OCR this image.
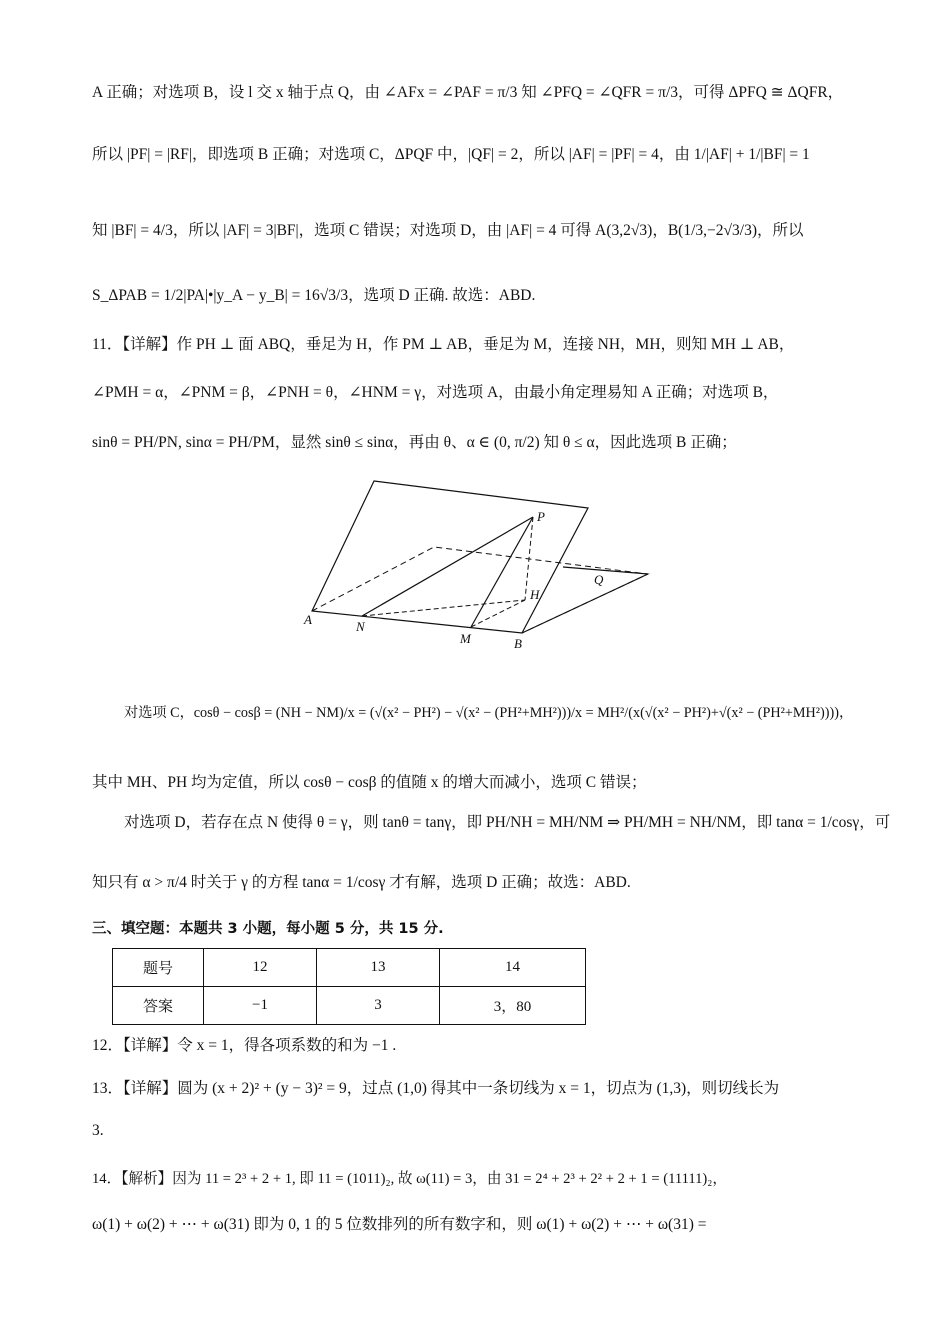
A 正确；对选项 B，设 l 交 x 轴于点 Q，由 ∠AFx = ∠PAF = π/3 知 ∠PFQ = ∠QFR = π/3，可得 ΔPFQ ≅ ΔQFR，
所以 |PF| = |RF|，即选项 B 正确；对选项 C，ΔPQF 中，|QF| = 2，所以 |AF| = |PF| = 4，由 1/|AF| + 1/|BF| = 1
知 |BF| = 4/3，所以 |AF| = 3|BF|，选项 C 错误；对选项 D，由 |AF| = 4 可得 A(3,2√3)，B(1/3,−2√3/3)，所以
S_ΔPAB = 1/2|PA|•|y_A − y_B| = 16√3/3，选项 D 正确. 故选：ABD.
11．【详解】作 PH ⊥ 面 ABQ，垂足为 H，作 PM ⊥ AB，垂足为 M，连接 NH，MH，则知 MH ⊥ AB，
∠PMH = α，∠PNM = β，∠PNH = θ，∠HNM = γ，对选项 A，由最小角定理易知 A 正确；对选项 B，
sinθ = PH/PN, sinα = PH/PM，显然 sinθ ≤ sinα，再由 θ、α ∈ (0, π/2) 知 θ ≤ α，因此选项 B 正确；
P
Q
H
A	N
M	B
对选项 C，cosθ − cosβ = (NH − NM)/x = (√(x² − PH²) − √(x² − (PH²+MH²)))/x = MH²/(x(√(x² − PH²)+√(x² − (PH²+MH²))))，
其中 MH、PH 均为定值，所以 cosθ − cosβ 的值随 x 的增大而减小，选项 C 错误；
对选项 D，若存在点 N 使得 θ = γ，则 tanθ = tanγ，即 PH/NH = MH/NM ⇒ PH/MH = NH/NM，即 tanα = 1/cosγ，可
知只有 α > π/4 时关于 γ 的方程 tanα = 1/cosγ 才有解，选项 D 正确；故选：ABD.
三、填空题：本题共 3 小题，每小题 5 分，共 15 分.
题号	12	13	14
答案	−1	3	3，80
12．【详解】令 x = 1，得各项系数的和为 −1 .
13．【详解】圆为 (x + 2)² + (y − 3)² = 9，过点 (1,0) 得其中一条切线为 x = 1，切点为 (1,3)，则切线长为
3.
14．【解析】因为 11 = 2³ + 2 + 1, 即 11 = (1011)₂, 故 ω(11) = 3，由 31 = 2⁴ + 2³ + 2² + 2 + 1 = (11111)₂，
ω(1) + ω(2) + ⋯ + ω(31) 即为 0, 1 的 5 位数排列的所有数字和，则 ω(1) + ω(2) + ⋯ + ω(31) =
